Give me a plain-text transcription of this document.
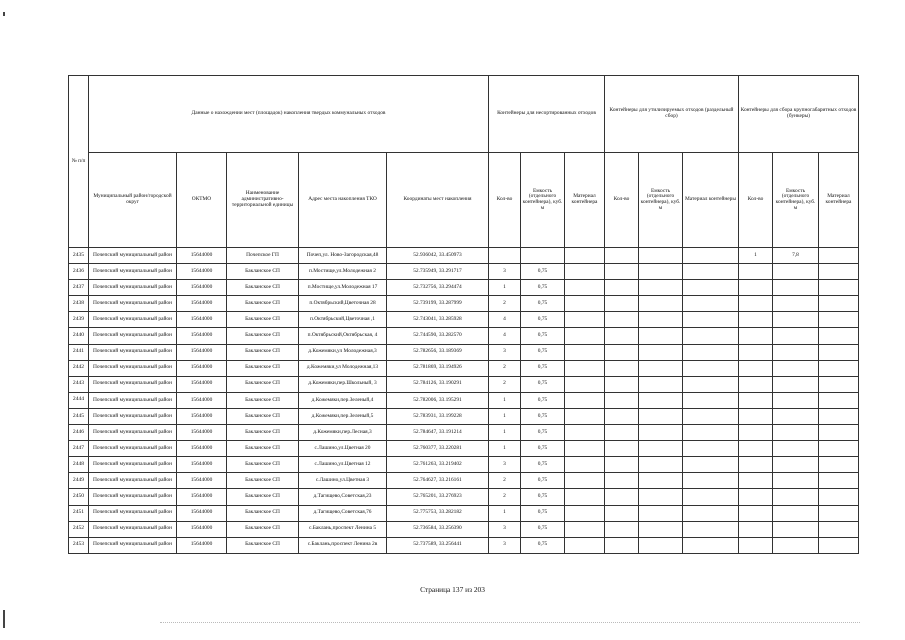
№ п/п	Данные о нахождении мест (площадок) накопления твердых коммунальных отходов					Контейнеры для несортированных отходов			Контейнеры для утилизируемых отходов (раздельный сбор)			Контейнеры для сбора крупногабаритных отходов (бункеры)		
	Муниципальный район/городской округ	ОКТМО	Наименование административно-территориальной единицы	Адрес места накопления ТКО	Координаты мест накопления	Кол-во	Емкость (отдельного контейнера), куб. м	Материал контейнера	Кол-во	Емкость (отдельного контейнера), куб. м	Материал контейнеры	Кол-во	Емкость (отдельного контейнера), куб. м	Материал контейнера
2435	Почепский муниципальный район	15644000	Почепское ГП	Почеп,ул. Ново-Загородская,48	52.936042, 33.450973							1	7,8	
2436	Почепский муниципальный район	15644000	Бакланское СП	п.Мостище,ул.Молодежная 2	52.735949, 33.291717	3	0,75							
2437	Почепский муниципальный район	15644000	Бакланское СП	п.Мостище,ул.Молодежная 17	52.732756, 33.294474	1	0,75							
2438	Почепский муниципальный район	15644000	Бакланское СП	п.Октябрьский,Цветочная 28	52.739199, 33.287999	2	0,75							
2439	Почепский муниципальный район	15644000	Бакланское СП	п.Октябрьский,Цветочная ,1	52.743041, 33.285928	4	0,75							
2440	Почепский муниципальный район	15644000	Бакланское СП	п.Октябрьский,Октябрьская, 4	52.744590, 33.282570	4	0,75							
2441	Почепский муниципальный район	15644000	Бакланское СП	д.Кожемяки,ул Молодежная,3	52.782656, 33.189369	3	0,75							
2442	Почепский муниципальный район	15644000	Бакланское СП	д.Кожемяки,ул Молодежная,13	52.781869, 33.194926	2	0,75							
2443	Почепский муниципальный район	15644000	Бакланское СП	д.Кожемяки,пер.Школьный, 3	52.784126, 33.190291	2	0,75							
2444	Почепский муниципальный район	15644000	Бакланское СП	д.Кожемяки,пер.Зеленый,4	52.782006, 33.195291	1	0,75							
2445	Почепский муниципальный район	15644000	Бакланское СП	д.Кожемяки,пер.Зеленый,5	52.783931, 33.199228	1	0,75							
2446	Почепский муниципальный район	15644000	Бакланское СП	д.Кожемяки,пер.Лесная,3	52.784647, 33.191214	1	0,75							
2447	Почепский муниципальный район	15644000	Бакланское СП	с.Лашино,ул.Цветная 20	52.760377, 33.220281	1	0,75							
2448	Почепский муниципальный район	15644000	Бакланское СП	с.Лашино,ул.Цветная 12	52.761263, 33.219402	3	0,75							
2449	Почепский муниципальный район	15644000	Бакланское СП	с.Лашино,ул.Цветная 3	52.764627, 33.216161	2	0,75							
2450	Почепский муниципальный район	15644000	Бакланское СП	д.Тагищево,Советская,23	52.765201, 33.276923	2	0,75							
2451	Почепский муниципальный район	15644000	Бакланское СП	д.Тагищево,Советская,76	52.775753, 33.282182	1	0,75							
2452	Почепский муниципальный район	15644000	Бакланское СП	с.Баклань,проспект Ленина 5	52.736584, 33.256390	3	0,75							
2453	Почепский муниципальный район	15644000	Бакланское СП	с.Баклань,проспект Ленина 2в	52.737589, 33.256441	3	0,75							
Страница 137 из 203
